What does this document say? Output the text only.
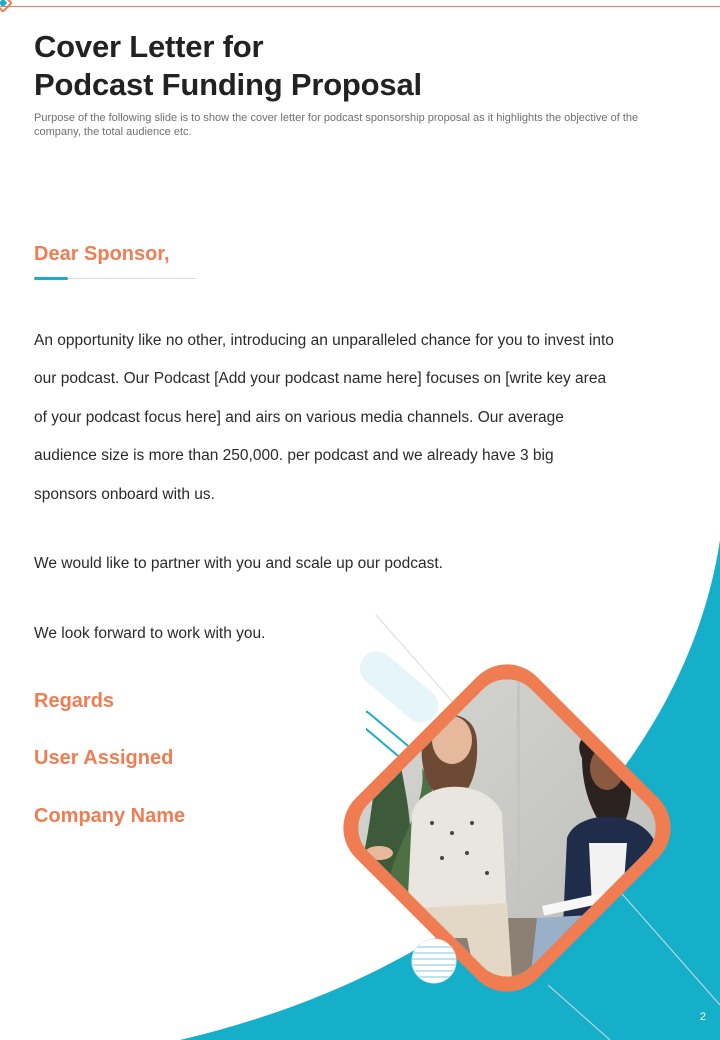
Cover Letter for
Podcast Funding Proposal

Purpose of the following slide is to show the cover letter for podcast sponsorship proposal as it highlights the objective of the company, the total audience etc.

Dear Sponsor,

An opportunity like no other, introducing an unparalleled chance for you to invest into our podcast. Our Podcast [Add your podcast name here] focuses on [write key area of your podcast focus here] and airs on various media channels. Our average audience size is more than 250,000. per podcast and we already have 3 big sponsors onboard with us.

We would like to partner with you and scale up our podcast.

We look forward to work with you.

Regards

User Assigned

Company Name

2
